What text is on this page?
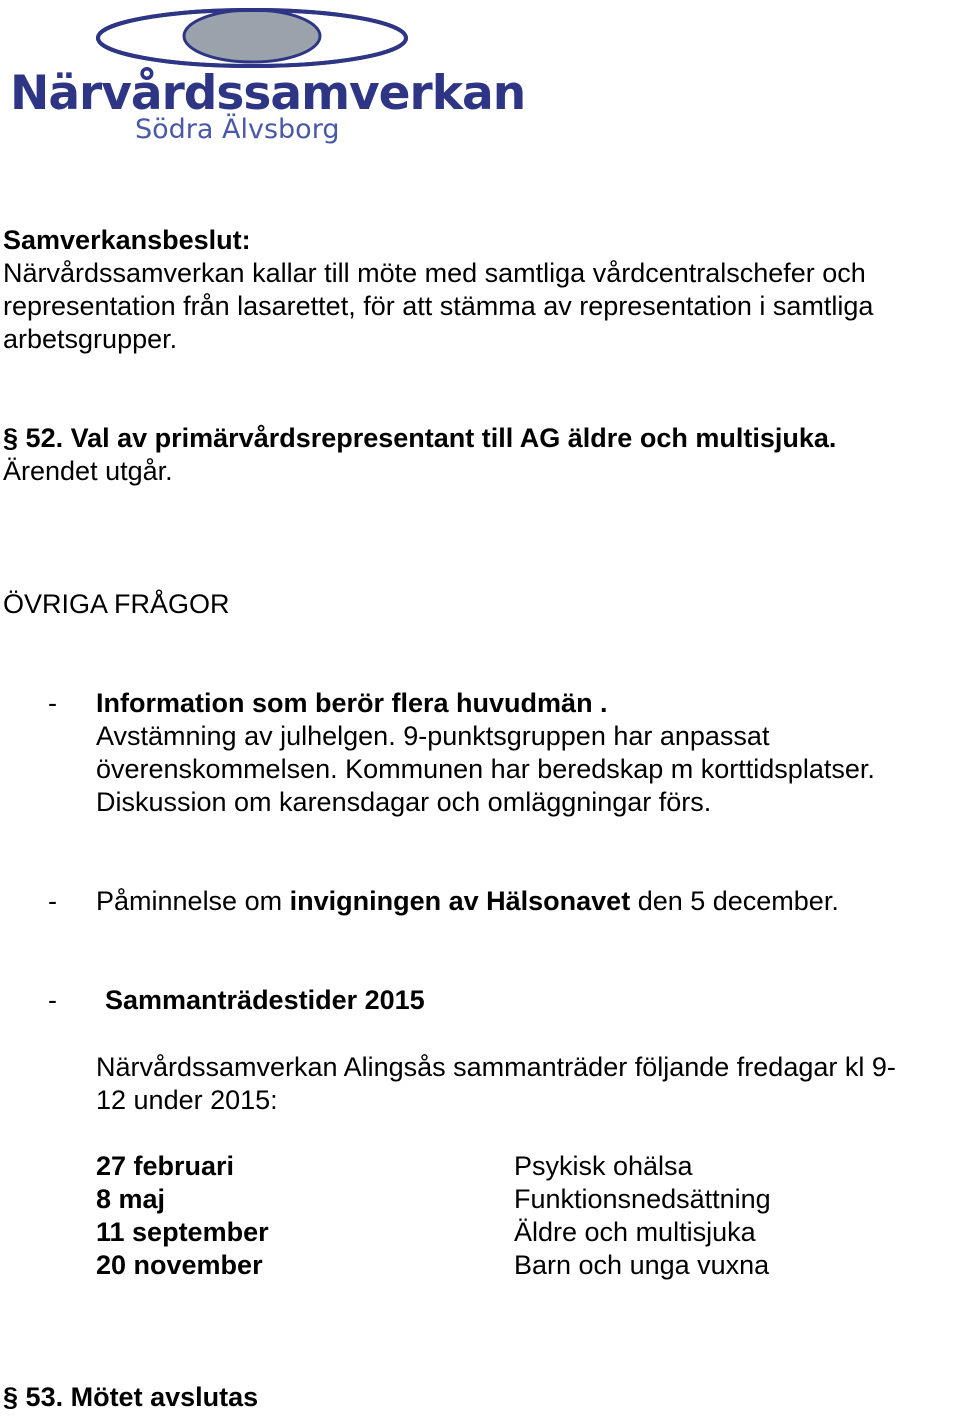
Närvårdssamverkan
Södra Älvsborg
Samverkansbeslut:
Närvårdssamverkan kallar till möte med samtliga vårdcentralschefer och
representation från lasarettet, för att stämma av representation i samtliga
arbetsgrupper.
§ 52. Val av primärvårdsrepresentant till AG äldre och multisjuka.
Ärendet utgår.
ÖVRIGA FRÅGOR
- Information som berör flera huvudmän .
Avstämning av julhelgen. 9-punktsgruppen har anpassat
överenskommelsen. Kommunen har beredskap m korttidsplatser.
Diskussion om karensdagar och omläggningar förs.
- Påminnelse om invigningen av Hälsonavet den 5 december.
- Sammanträdestider 2015
Närvårdssamverkan Alingsås sammanträder följande fredagar kl 9-
12 under 2015:
27 februari	Psykisk ohälsa
8 maj	Funktionsnedsättning
11 september	Äldre och multisjuka
20 november	Barn och unga vuxna
§ 53. Mötet avslutas
